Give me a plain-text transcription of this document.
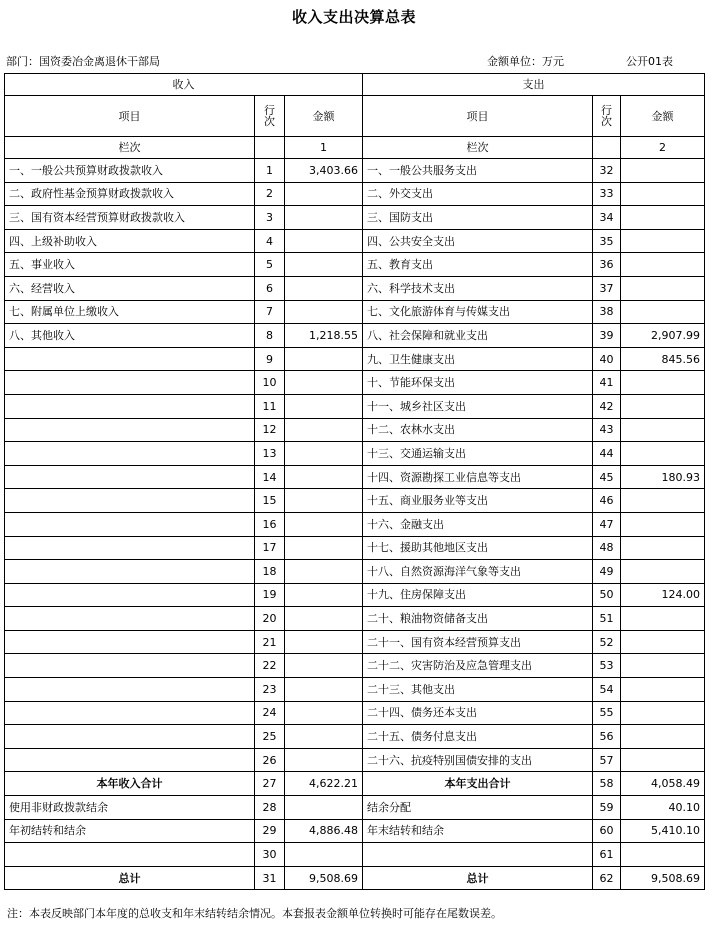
收入支出决算总表
部门：国资委冶金离退休干部局	金额单位：万元	公开01表
收入			支出		
项目	行次	金额	项目	行次	金额
栏次		1	栏次		2
一、一般公共预算财政拨款收入	1	3,403.66	一、一般公共服务支出	32	
二、政府性基金预算财政拨款收入	2		二、外交支出	33	
三、国有资本经营预算财政拨款收入	3		三、国防支出	34	
四、上级补助收入	4		四、公共安全支出	35	
五、事业收入	5		五、教育支出	36	
六、经营收入	6		六、科学技术支出	37	
七、附属单位上缴收入	7		七、文化旅游体育与传媒支出	38	
八、其他收入	8	1,218.55	八、社会保障和就业支出	39	2,907.99
	9		九、卫生健康支出	40	845.56
	10		十、节能环保支出	41	
	11		十一、城乡社区支出	42	
	12		十二、农林水支出	43	
	13		十三、交通运输支出	44	
	14		十四、资源勘探工业信息等支出	45	180.93
	15		十五、商业服务业等支出	46	
	16		十六、金融支出	47	
	17		十七、援助其他地区支出	48	
	18		十八、自然资源海洋气象等支出	49	
	19		十九、住房保障支出	50	124.00
	20		二十、粮油物资储备支出	51	
	21		二十一、国有资本经营预算支出	52	
	22		二十二、灾害防治及应急管理支出	53	
	23		二十三、其他支出	54	
	24		二十四、债务还本支出	55	
	25		二十五、债务付息支出	56	
	26		二十六、抗疫特别国债安排的支出	57	
本年收入合计	27	4,622.21	本年支出合计	58	4,058.49
使用非财政拨款结余	28		结余分配	59	40.10
年初结转和结余	29	4,886.48	年末结转和结余	60	5,410.10
	30			61	
总计	31	9,508.69	总计	62	9,508.69
注：本表反映部门本年度的总收支和年末结转结余情况。本套报表金额单位转换时可能存在尾数误差。
